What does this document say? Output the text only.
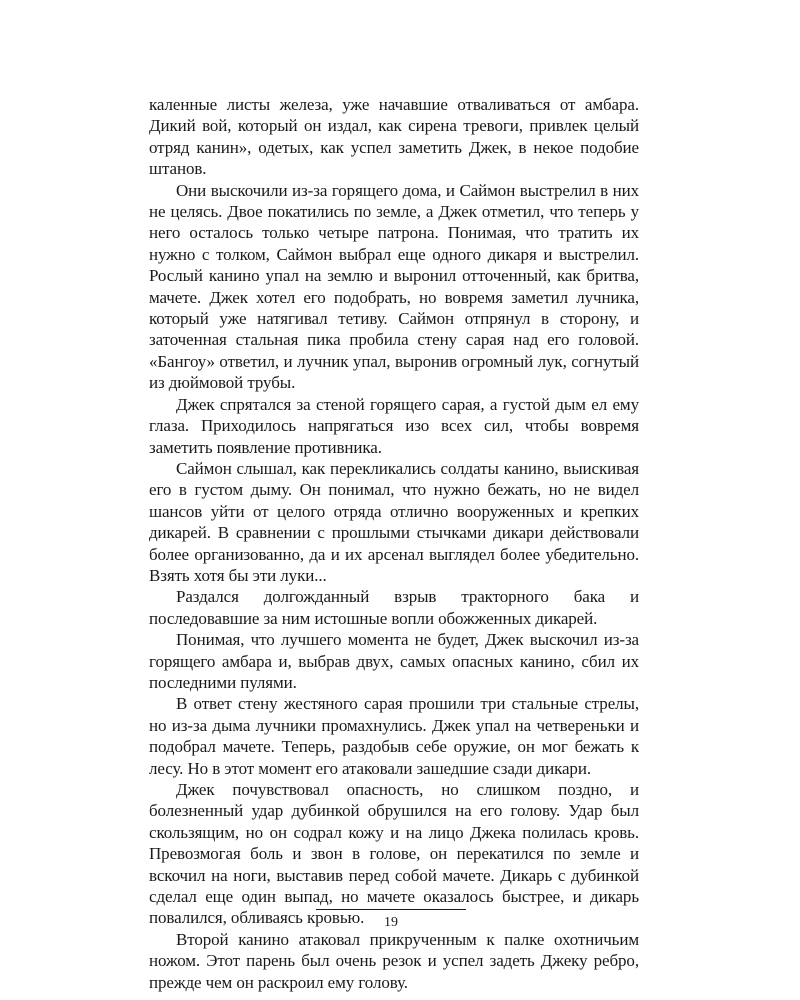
каленные листы железа, уже начавшие отваливаться от амбара. Дикий вой, который он издал, как сирена тревоги, привлек целый отряд канин», одетых, как успел заметить Джек, в некое подобие штанов.

Они выскочили из-за горящего дома, и Саймон выстрелил в них не целясь. Двое покатились по земле, а Джек отметил, что теперь у него осталось только четыре патрона. Понимая, что тратить их нужно с толком, Саймон выбрал еще одного дикаря и выстрелил. Рослый канино упал на землю и выронил отточенный, как бритва, мачете. Джек хотел его подобрать, но вовремя заметил лучника, который уже натягивал тетиву. Саймон отпрянул в сторону, и заточенная стальная пика пробила стену сарая над его головой. «Бангоу» ответил, и лучник упал, выронив огромный лук, согнутый из дюймовой трубы.

Джек спрятался за стеной горящего сарая, а густой дым ел ему глаза. Приходилось напрягаться изо всех сил, чтобы вовремя заметить появление противника.

Саймон слышал, как перекликались солдаты канино, выискивая его в густом дыму. Он понимал, что нужно бежать, но не видел шансов уйти от целого отряда отлично вооруженных и крепких дикарей. В сравнении с прошлыми стычками дикари действовали более организованно, да и их арсенал выглядел более убедительно. Взять хотя бы эти луки...

Раздался долгожданный взрыв тракторного бака и последовавшие за ним истошные вопли обожженных дикарей.

Понимая, что лучшего момента не будет, Джек выскочил из-за горящего амбара и, выбрав двух, самых опасных канино, сбил их последними пулями.

В ответ стену жестяного сарая прошили три стальные стрелы, но из-за дыма лучники промахнулись. Джек упал на четвереньки и подобрал мачете. Теперь, раздобыв себе оружие, он мог бежать к лесу. Но в этот момент его атаковали зашедшие сзади дикари.

Джек почувствовал опасность, но слишком поздно, и болезненный удар дубинкой обрушился на его голову. Удар был скользящим, но он содрал кожу и на лицо Джека полилась кровь. Превозмогая боль и звон в голове, он перекатился по земле и вскочил на ноги, выставив перед собой мачете. Дикарь с дубинкой сделал еще один выпад, но мачете оказалось быстрее, и дикарь повалился, обливаясь кровью.

Второй канино атаковал прикрученным к палке охотничьим ножом. Этот парень был очень резок и успел задеть Джеку ребро, прежде чем он раскроил ему голову.

19
